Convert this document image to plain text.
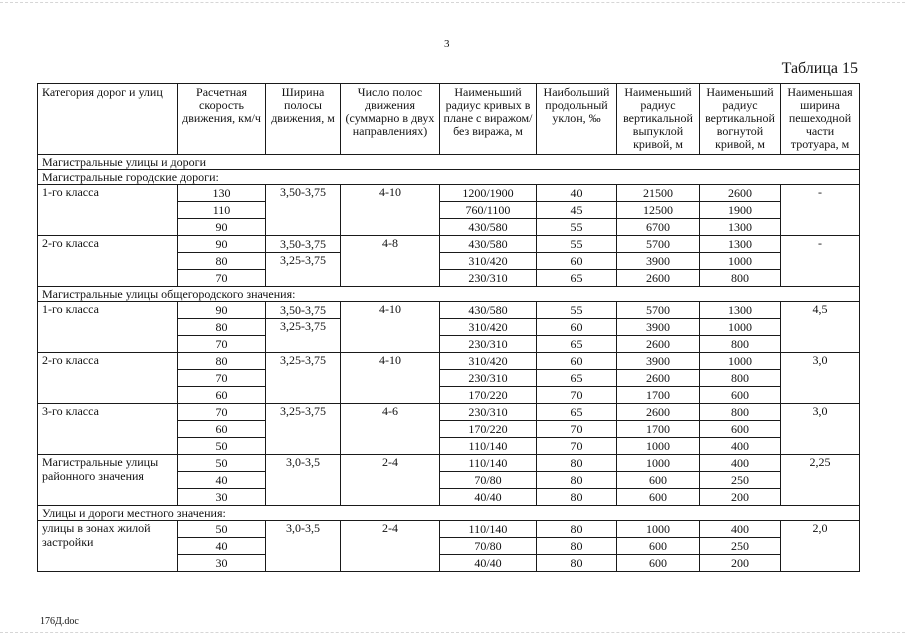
3
Таблица 15
Категория дорог и улиц	Расчетная скорость движения, км/ч	Ширина полосы движения, м	Число полос движения (суммарно в двух направлениях)	Наименьший радиус кривых в плане с виражом/ без виража, м	Наибольший продольный уклон, ‰	Наименьший радиус вертикальной выпуклой кривой, м	Наименьший радиус вертикальной вогнутой кривой, м	Наименьшая ширина пешеходной части тротуара, м
Магистральные улицы и дороги								
Магистральные городские дороги:								
1-го класса	130	3,50-3,75	4-10	1200/1900	40	21500	2600	-
	110			760/1100	45	12500	1900	
	90			430/580	55	6700	1300	
2-го класса	90	3,50-3,75	4-8	430/580	55	5700	1300	-
	80	3,25-3,75		310/420	60	3900	1000	
	70			230/310	65	2600	800	
Магистральные улицы общегородского значения:								
1-го класса	90	3,50-3,75	4-10	430/580	55	5700	1300	4,5
	80	3,25-3,75		310/420	60	3900	1000	
	70			230/310	65	2600	800	
2-го класса	80	3,25-3,75	4-10	310/420	60	3900	1000	3,0
	70			230/310	65	2600	800	
	60			170/220	70	1700	600	
3-го класса	70	3,25-3,75	4-6	230/310	65	2600	800	3,0
	60			170/220	70	1700	600	
	50			110/140	70	1000	400	
Магистральные улицы районного значения	50	3,0-3,5	2-4	110/140	80	1000	400	2,25
	40			70/80	80	600	250	
	30			40/40	80	600	200	
Улицы и дороги местного значения:								
улицы в зонах жилой застройки	50	3,0-3,5	2-4	110/140	80	1000	400	2,0
	40			70/80	80	600	250	
	30			40/40	80	600	200	
176Д.doc
